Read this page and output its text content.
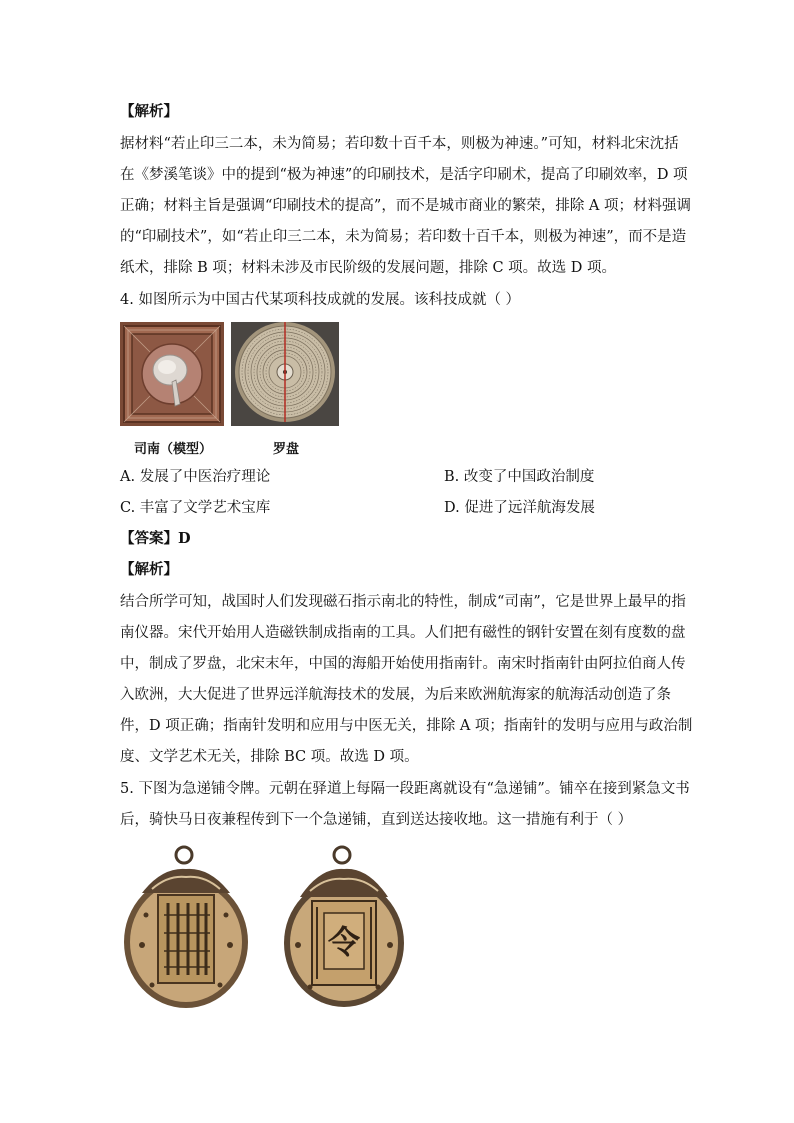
【解析】
据材料“若止印三二本，未为简易；若印数十百千本，则极为神速。”可知，材料北宋沈括
在《梦溪笔谈》中的提到“极为神速”的印刷技术，是活字印刷术，提高了印刷效率，D 项
正确；材料主旨是强调“印刷技术的提高”，而不是城市商业的繁荣，排除 A 项；材料强调
的“印刷技术”，如“若止印三二本，未为简易；若印数十百千本，则极为神速”，而不是造
纸术，排除 B 项；材料未涉及市民阶级的发展问题，排除 C 项。故选 D 项。
4. 如图所示为中国古代某项科技成就的发展。该科技成就（ ）
司南（模型）	罗盘
A. 发展了中医治疗理论	B. 改变了中国政治制度
C. 丰富了文学艺术宝库	D. 促进了远洋航海发展
【答案】D
【解析】
结合所学可知，战国时人们发现磁石指示南北的特性，制成“司南”，它是世界上最早的指
南仪器。宋代开始用人造磁铁制成指南的工具。人们把有磁性的钢针安置在刻有度数的盘
中，制成了罗盘，北宋末年，中国的海船开始使用指南针。南宋时指南针由阿拉伯商人传
入欧洲，大大促进了世界远洋航海技术的发展，为后来欧洲航海家的航海活动创造了条
件，D 项正确；指南针发明和应用与中医无关，排除 A 项；指南针的发明与应用与政治制
度、文学艺术无关，排除 BC 项。故选 D 项。
5. 下图为急递铺令牌。元朝在驿道上每隔一段距离就设有“急递铺”。铺卒在接到紧急文书
后，骑快马日夜兼程传到下一个急递铺，直到送达接收地。这一措施有利于（ ）
令
